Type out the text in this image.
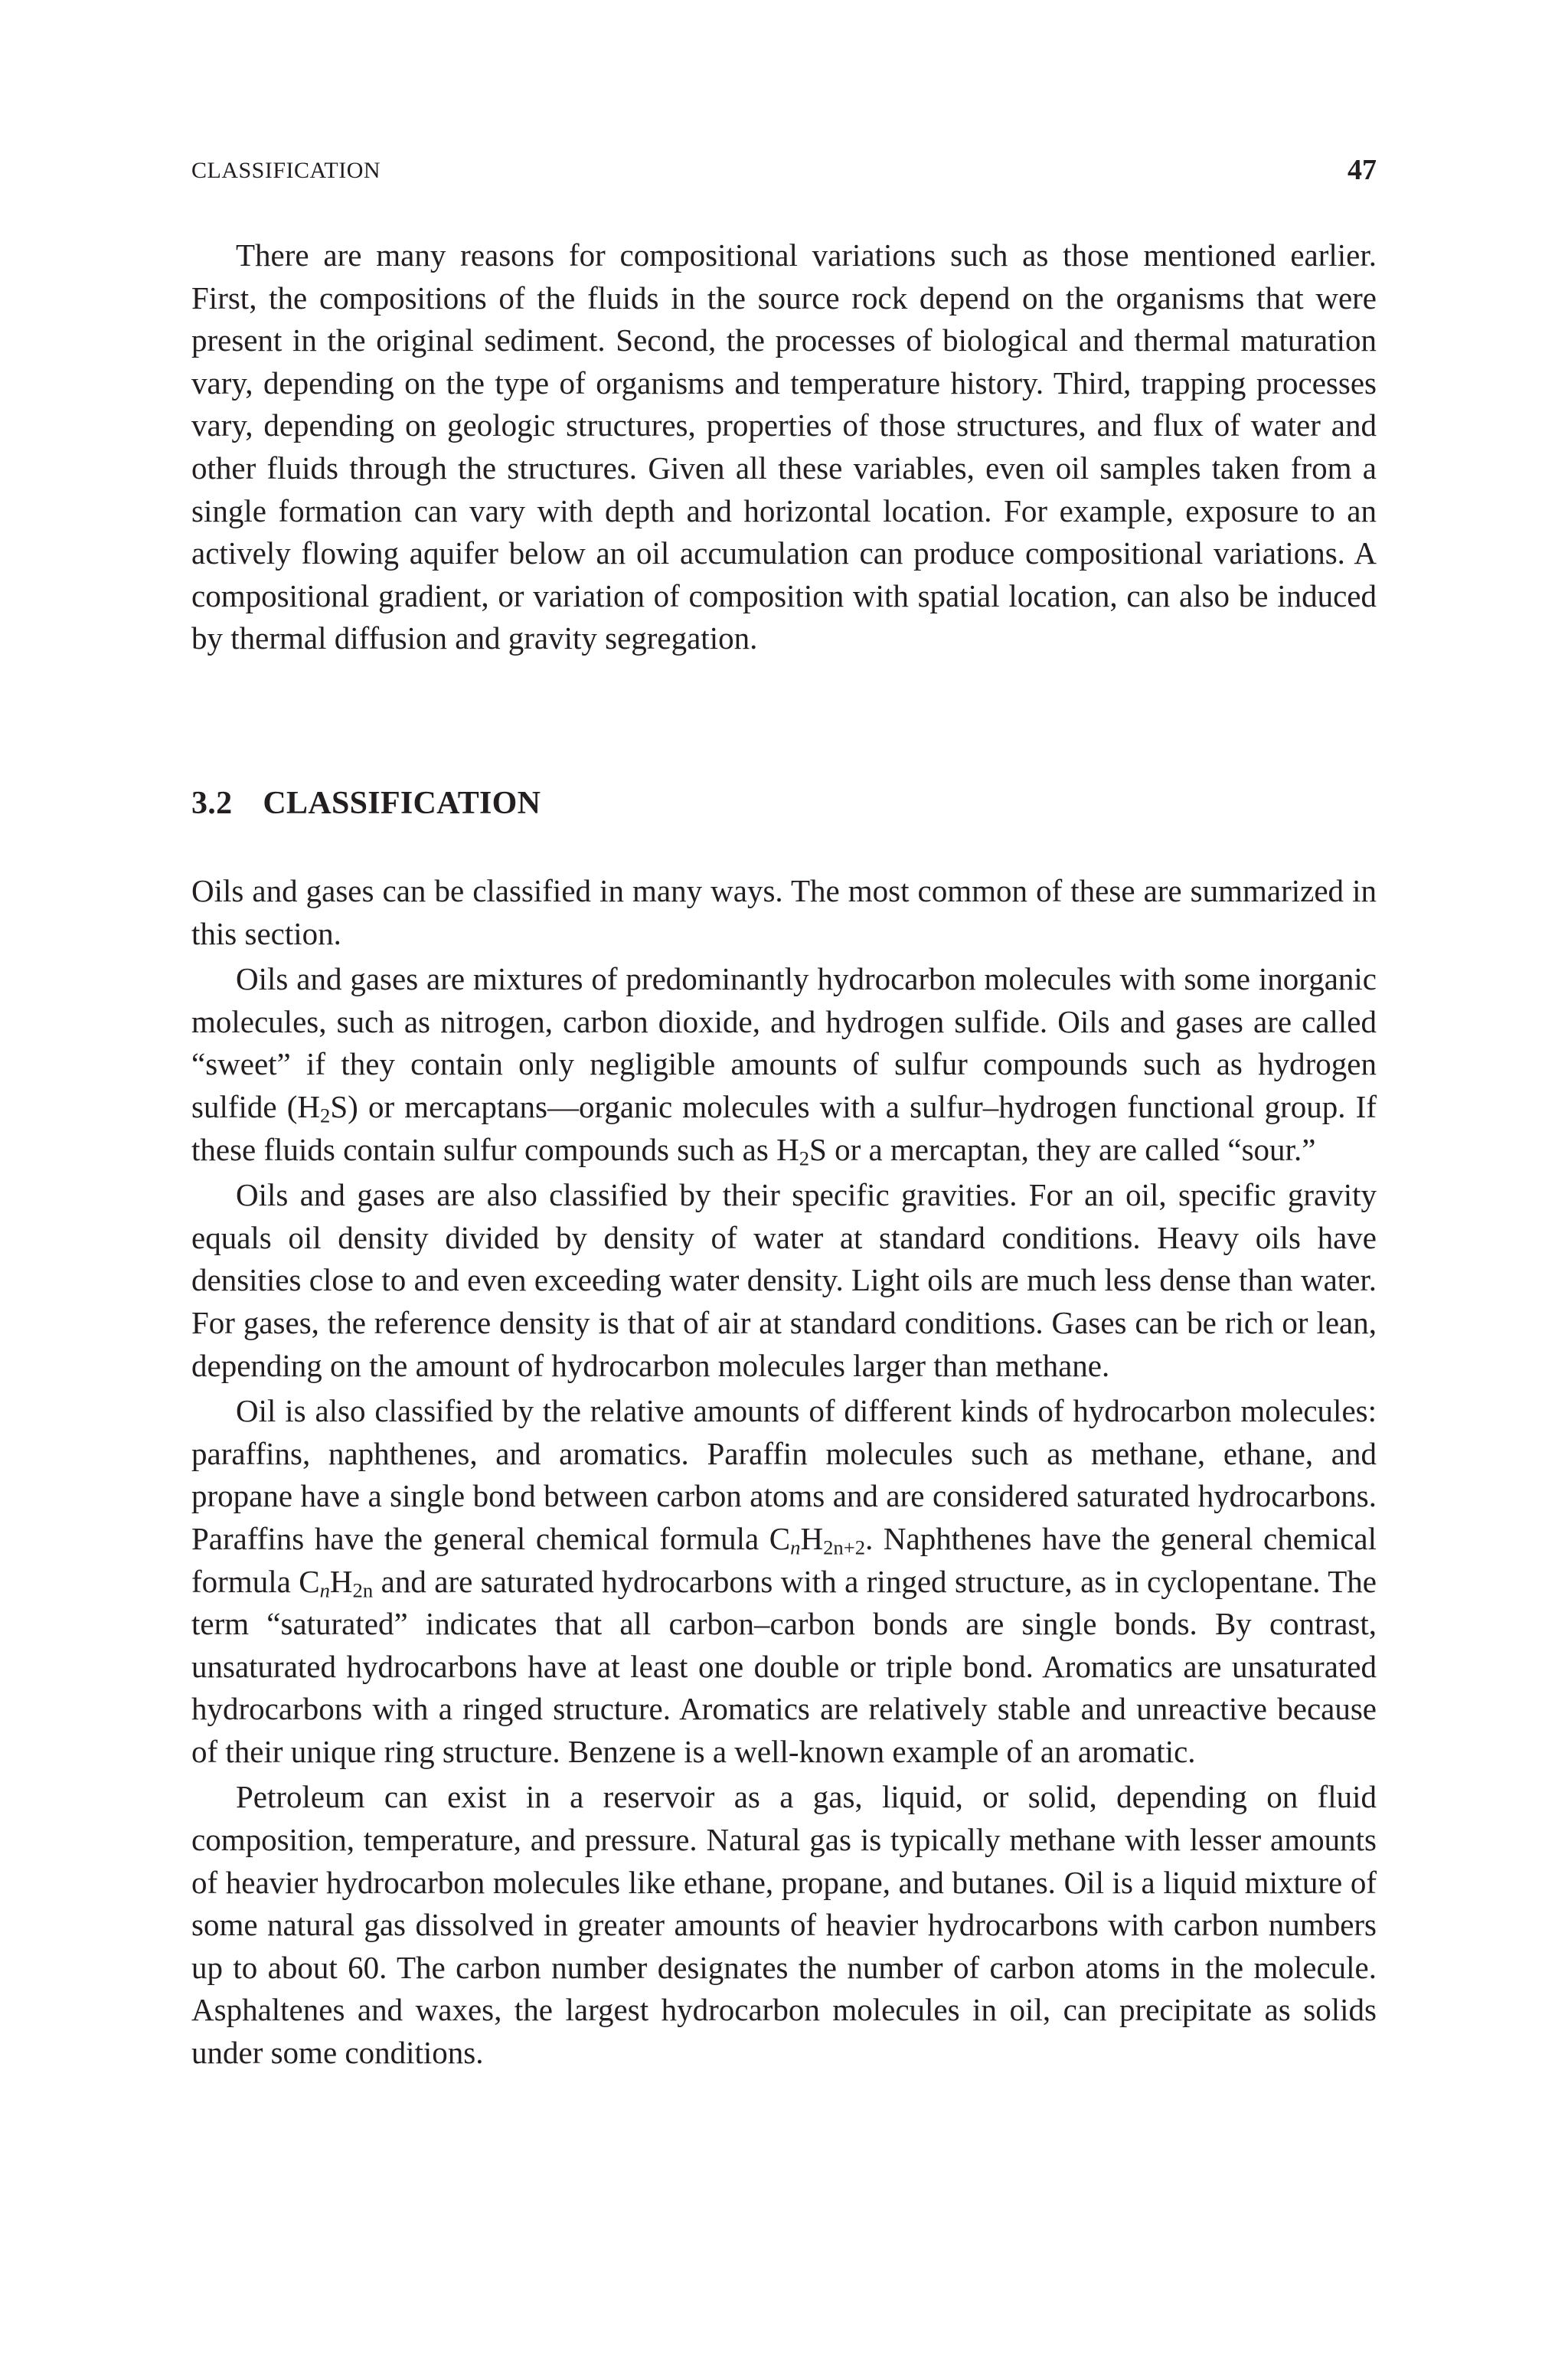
CLASSIFICATION	47

There are many reasons for compositional variations such as those mentioned earlier. First, the compositions of the fluids in the source rock depend on the organisms that were present in the original sediment. Second, the processes of biological and thermal maturation vary, depending on the type of organisms and temperature history. Third, trapping processes vary, depending on geologic structures, properties of those structures, and flux of water and other fluids through the structures. Given all these variables, even oil samples taken from a single formation can vary with depth and horizontal location. For example, exposure to an actively flowing aquifer below an oil accumulation can produce compositional variations. A compositional gradient, or variation of composition with spatial location, can also be induced by thermal diffusion and gravity segregation.

3.2 CLASSIFICATION

Oils and gases can be classified in many ways. The most common of these are summarized in this section.

Oils and gases are mixtures of predominantly hydrocarbon molecules with some inorganic molecules, such as nitrogen, carbon dioxide, and hydrogen sulfide. Oils and gases are called “sweet” if they contain only negligible amounts of sulfur compounds such as hydrogen sulfide $(H_2S)$ or mercaptans—organic molecules with a sulfur–hydrogen functional group. If these fluids contain sulfur compounds such as $H_2S$ or a mercaptan, they are called “sour.”

Oils and gases are also classified by their specific gravities. For an oil, specific gravity equals oil density divided by density of water at standard conditions. Heavy oils have densities close to and even exceeding water density. Light oils are much less dense than water. For gases, the reference density is that of air at standard conditions. Gases can be rich or lean, depending on the amount of hydrocarbon molecules larger than methane.

Oil is also classified by the relative amounts of different kinds of hydrocarbon molecules: paraffins, naphthenes, and aromatics. Paraffin molecules such as methane, ethane, and propane have a single bond between carbon atoms and are considered saturated hydrocarbons. Paraffins have the general chemical formula $C_nH_{2n+2}$. Naphthenes have the general chemical formula $C_nH_{2n}$ and are saturated hydrocarbons with a ringed structure, as in cyclopentane. The term “saturated” indicates that all carbon–carbon bonds are single bonds. By contrast, unsaturated hydrocarbons have at least one double or triple bond. Aromatics are unsaturated hydrocarbons with a ringed structure. Aromatics are relatively stable and unreactive because of their unique ring structure. Benzene is a well-known example of an aromatic.

Petroleum can exist in a reservoir as a gas, liquid, or solid, depending on fluid composition, temperature, and pressure. Natural gas is typically methane with lesser amounts of heavier hydrocarbon molecules like ethane, propane, and butanes. Oil is a liquid mixture of some natural gas dissolved in greater amounts of heavier hydrocarbons with carbon numbers up to about 60. The carbon number designates the number of carbon atoms in the molecule. Asphaltenes and waxes, the largest hydrocarbon molecules in oil, can precipitate as solids under some conditions.
